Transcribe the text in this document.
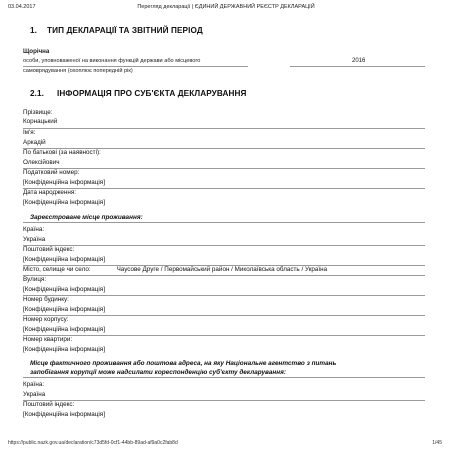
03.04.2017	Перегляд декларації | ЄДИНИЙ ДЕРЖАВНИЙ РЕЄСТР ДЕКЛАРАЦІЙ
1. ТИП ДЕКЛАРАЦІЇ ТА ЗВІТНИЙ ПЕРІОД
Щорічна
особи, уповноваженої на виконання функцій держави або місцевого
самоврядування (охоплює попередній рік)
2016
2.1. ІНФОРМАЦІЯ ПРО СУБ'ЄКТА ДЕКЛАРУВАННЯ
Прізвище:
Корнацький
Ім'я:
Аркадій
По батькові (за наявності):
Олексійович
Податковий номер:
[Конфіденційна інформація]
Дата народження:
[Конфіденційна інформація]
Зареєстроване місце проживання:
Країна:
Україна
Поштовий індекс:
[Конфіденційна інформація]
Місто, селище чи село:	Чаусове Друге / Первомайський район / Миколаївська область / Україна
Вулиця:
[Конфіденційна інформація]
Номер будинку:
[Конфіденційна інформація]
Номер корпусу:
[Конфіденційна інформація]
Номер квартири:
[Конфіденційна інформація]
Місце фактичного проживання або поштова адреса, на яку Національне агентство з питань
запобігання корупції може надсилати кореспонденцію суб'єкту декларування:
Країна:
Україна
Поштовий індекс:
[Конфіденційна інформація]
https://public.nazk.gov.ua/declaration/c73d5fd-0cf1-44bb-89ad-af9a0c2fab8d	1/45
